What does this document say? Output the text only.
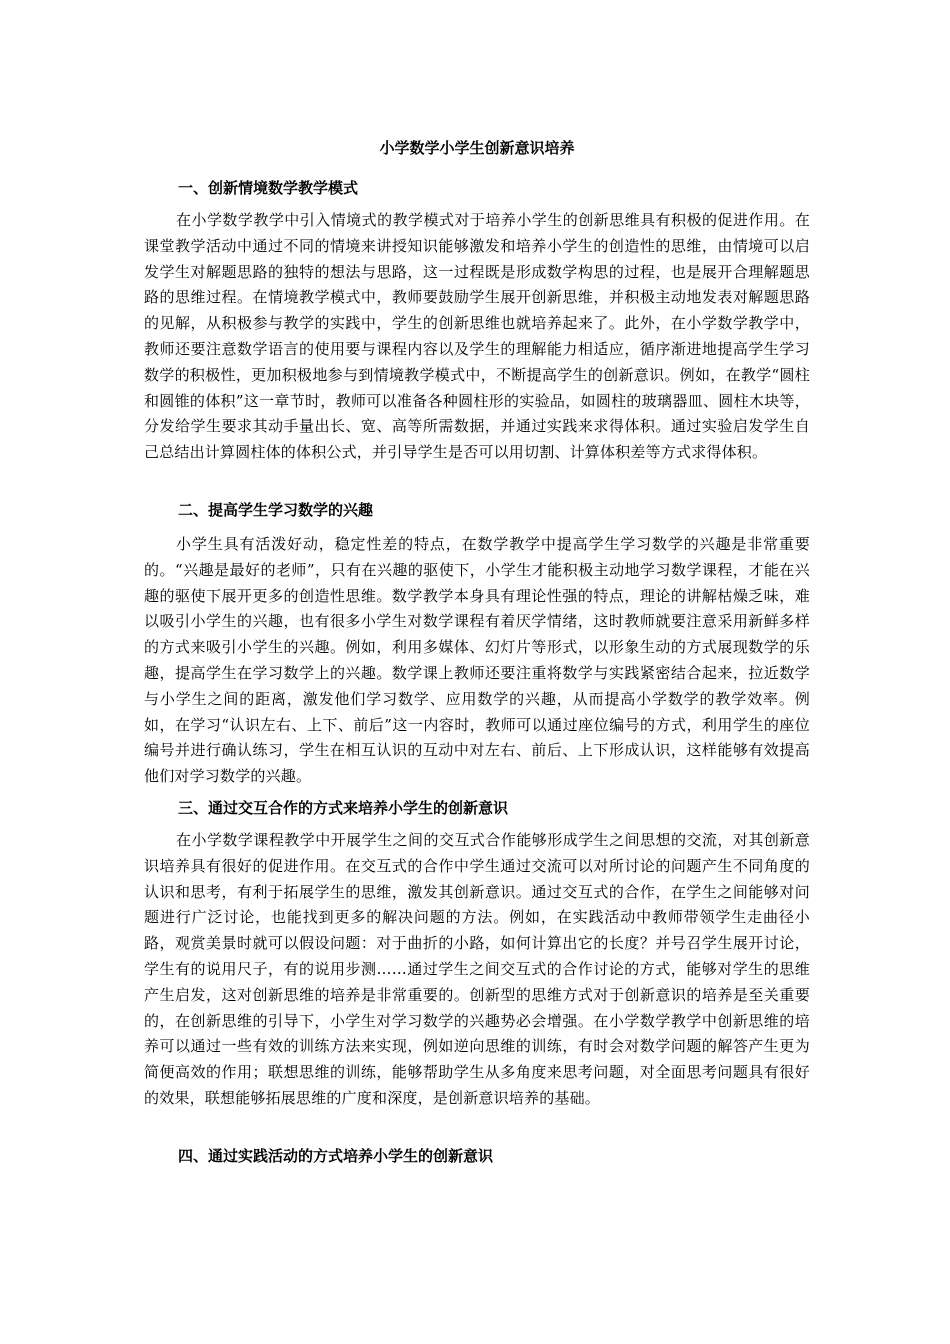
小学数学小学生创新意识培养
一、创新情境数学教学模式

在小学数学教学中引入情境式的教学模式对于培养小学生的创新思维具有积极的促进作用。在课堂教学活动中通过不同的情境来讲授知识能够激发和培养小学生的创造性的思维，由情境可以启发学生对解题思路的独特的想法与思路，这一过程既是形成数学构思的过程，也是展开合理解题思路的思维过程。在情境教学模式中，教师要鼓励学生展开创新思维，并积极主动地发表对解题思路的见解，从积极参与教学的实践中，学生的创新思维也就培养起来了。此外，在小学数学教学中，教师还要注意数学语言的使用要与课程内容以及学生的理解能力相适应，循序渐进地提高学生学习数学的积极性，更加积极地参与到情境教学模式中，不断提高学生的创新意识。例如，在教学“圆柱和圆锥的体积”这一章节时，教师可以准备各种圆柱形的实验品，如圆柱的玻璃器皿、圆柱木块等，分发给学生要求其动手量出长、宽、高等所需数据，并通过实践来求得体积。通过实验启发学生自己总结出计算圆柱体的体积公式，并引导学生是否可以用切割、计算体积差等方式求得体积。

二、提高学生学习数学的兴趣

小学生具有活泼好动，稳定性差的特点，在数学教学中提高学生学习数学的兴趣是非常重要的。“兴趣是最好的老师”，只有在兴趣的驱使下，小学生才能积极主动地学习数学课程，才能在兴趣的驱使下展开更多的创造性思维。数学教学本身具有理论性强的特点，理论的讲解枯燥乏味，难以吸引小学生的兴趣，也有很多小学生对数学课程有着厌学情绪，这时教师就要注意采用新鲜多样的方式来吸引小学生的兴趣。例如，利用多媒体、幻灯片等形式，以形象生动的方式展现数学的乐趣，提高学生在学习数学上的兴趣。数学课上教师还要注重将数学与实践紧密结合起来，拉近数学与小学生之间的距离，激发他们学习数学、应用数学的兴趣，从而提高小学数学的教学效率。例如，在学习“认识左右、上下、前后”这一内容时，教师可以通过座位编号的方式，利用学生的座位编号并进行确认练习，学生在相互认识的互动中对左右、前后、上下形成认识，这样能够有效提高他们对学习数学的兴趣。

三、通过交互合作的方式来培养小学生的创新意识

在小学数学课程教学中开展学生之间的交互式合作能够形成学生之间思想的交流，对其创新意识培养具有很好的促进作用。在交互式的合作中学生通过交流可以对所讨论的问题产生不同角度的认识和思考，有利于拓展学生的思维，激发其创新意识。通过交互式的合作，在学生之间能够对问题进行广泛讨论，也能找到更多的解决问题的方法。例如，在实践活动中教师带领学生走曲径小路，观赏美景时就可以假设问题：对于曲折的小路，如何计算出它的长度？并号召学生展开讨论，学生有的说用尺子，有的说用步测……通过学生之间交互式的合作讨论的方式，能够对学生的思维产生启发，这对创新思维的培养是非常重要的。创新型的思维方式对于创新意识的培养是至关重要的，在创新思维的引导下，小学生对学习数学的兴趣势必会增强。在小学数学教学中创新思维的培养可以通过一些有效的训练方法来实现，例如逆向思维的训练，有时会对数学问题的解答产生更为简便高效的作用；联想思维的训练，能够帮助学生从多角度来思考问题，对全面思考问题具有很好的效果，联想能够拓展思维的广度和深度，是创新意识培养的基础。

四、通过实践活动的方式培养小学生的创新意识
